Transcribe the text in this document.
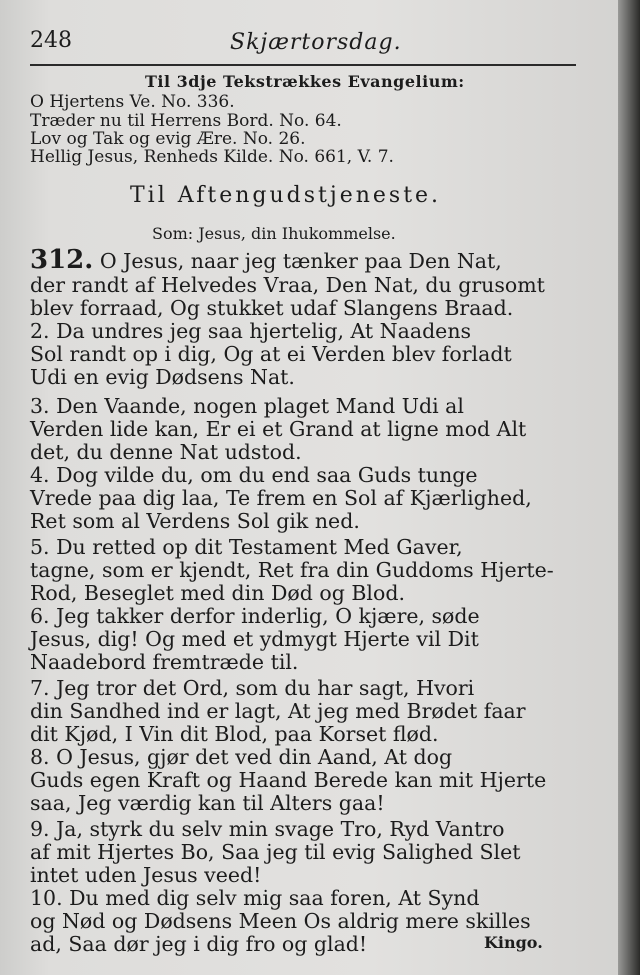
248	Skjærtorsdag.
Til 3dje Tekstrækkes Evangelium:
O Hjertens Ve. No. 336.
Træder nu til Herrens Bord. No. 64.
Lov og Tak og evig Ære. No. 26.
Hellig Jesus, Renheds Kilde. No. 661, V. 7.
Til Aftengudstjeneste.
Som: Jesus, din Ihukommelse.
312. O Jesus, naar jeg tænker paa Den Nat,
der randt af Helvedes Vraa, Den Nat, du grusomt
blev forraad, Og stukket udaf Slangens Braad.
2. Da undres jeg saa hjertelig, At Naadens
Sol randt op i dig, Og at ei Verden blev forladt
Udi en evig Dødsens Nat.
3. Den Vaande, nogen plaget Mand Udi al
Verden lide kan, Er ei et Grand at ligne mod Alt
det, du denne Nat udstod.
4. Dog vilde du, om du end saa Guds tunge
Vrede paa dig laa, Te frem en Sol af Kjærlighed,
Ret som al Verdens Sol gik ned.
5. Du retted op dit Testament Med Gaver,
tagne, som er kjendt, Ret fra din Guddoms Hjerte-
Rod, Beseglet med din Død og Blod.
6. Jeg takker derfor inderlig, O kjære, søde
Jesus, dig! Og med et ydmygt Hjerte vil Dit
Naadebord fremtræde til.
7. Jeg tror det Ord, som du har sagt, Hvori
din Sandhed ind er lagt, At jeg med Brødet faar
dit Kjød, I Vin dit Blod, paa Korset flød.
8. O Jesus, gjør det ved din Aand, At dog
Guds egen Kraft og Haand Berede kan mit Hjerte
saa, Jeg værdig kan til Alters gaa!
9. Ja, styrk du selv min svage Tro, Ryd Vantro
af mit Hjertes Bo, Saa jeg til evig Salighed Slet
intet uden Jesus veed!
10. Du med dig selv mig saa foren, At Synd
og Nød og Dødsens Meen Os aldrig mere skilles
ad, Saa dør jeg i dig fro og glad!	Kingo.
